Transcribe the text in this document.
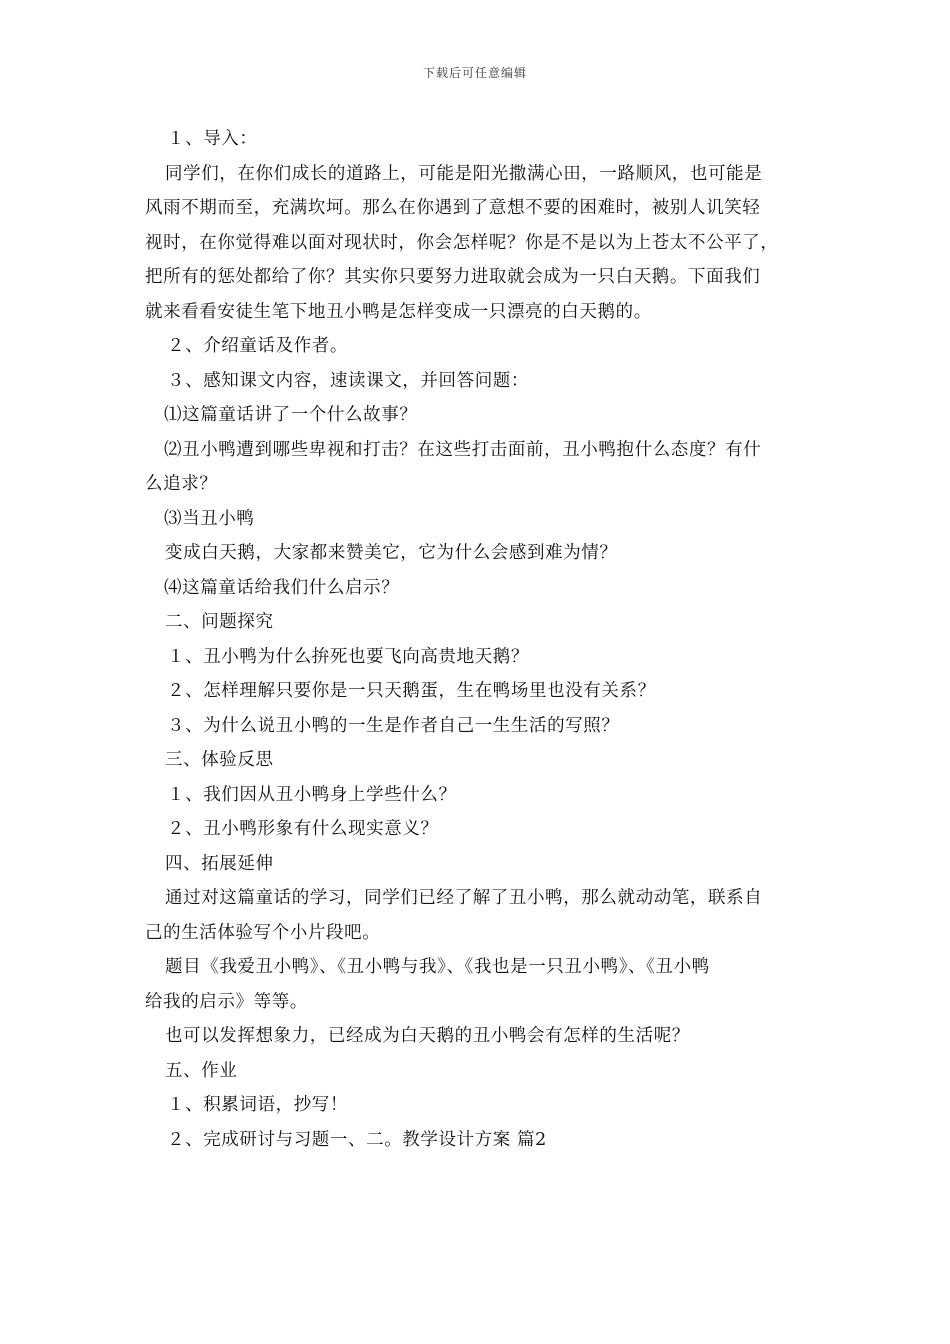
下载后可任意编辑
１、导入：
同学们，在你们成长的道路上，可能是阳光撒满心田，一路顺风，也可能是
风雨不期而至，充满坎坷。那么在你遇到了意想不要的困难时，被别人讥笑轻
视时，在你觉得难以面对现状时，你会怎样呢？你是不是以为上苍太不公平了，
把所有的惩处都给了你？其实你只要努力进取就会成为一只白天鹅。下面我们
就来看看安徒生笔下地丑小鸭是怎样变成一只漂亮的白天鹅的。
２、介绍童话及作者。
３、感知课文内容，速读课文，并回答问题：
⑴这篇童话讲了一个什么故事？
⑵丑小鸭遭到哪些卑视和打击？在这些打击面前，丑小鸭抱什么态度？有什
么追求？
⑶当丑小鸭
变成白天鹅，大家都来赞美它，它为什么会感到难为情？
⑷这篇童话给我们什么启示？
二、问题探究
１、丑小鸭为什么拚死也要飞向高贵地天鹅？
２、怎样理解只要你是一只天鹅蛋，生在鸭场里也没有关系？
３、为什么说丑小鸭的一生是作者自己一生生活的写照？
三、体验反思
１、我们因从丑小鸭身上学些什么？
２、丑小鸭形象有什么现实意义？
四、拓展延伸
通过对这篇童话的学习，同学们已经了解了丑小鸭，那么就动动笔，联系自
己的生活体验写个小片段吧。
题目《我爱丑小鸭》、《丑小鸭与我》、《我也是一只丑小鸭》、《丑小鸭
给我的启示》等等。
也可以发挥想象力，已经成为白天鹅的丑小鸭会有怎样的生活呢？
五、作业
１、积累词语，抄写！
２、完成研讨与习题一、二。教学设计方案 篇2
